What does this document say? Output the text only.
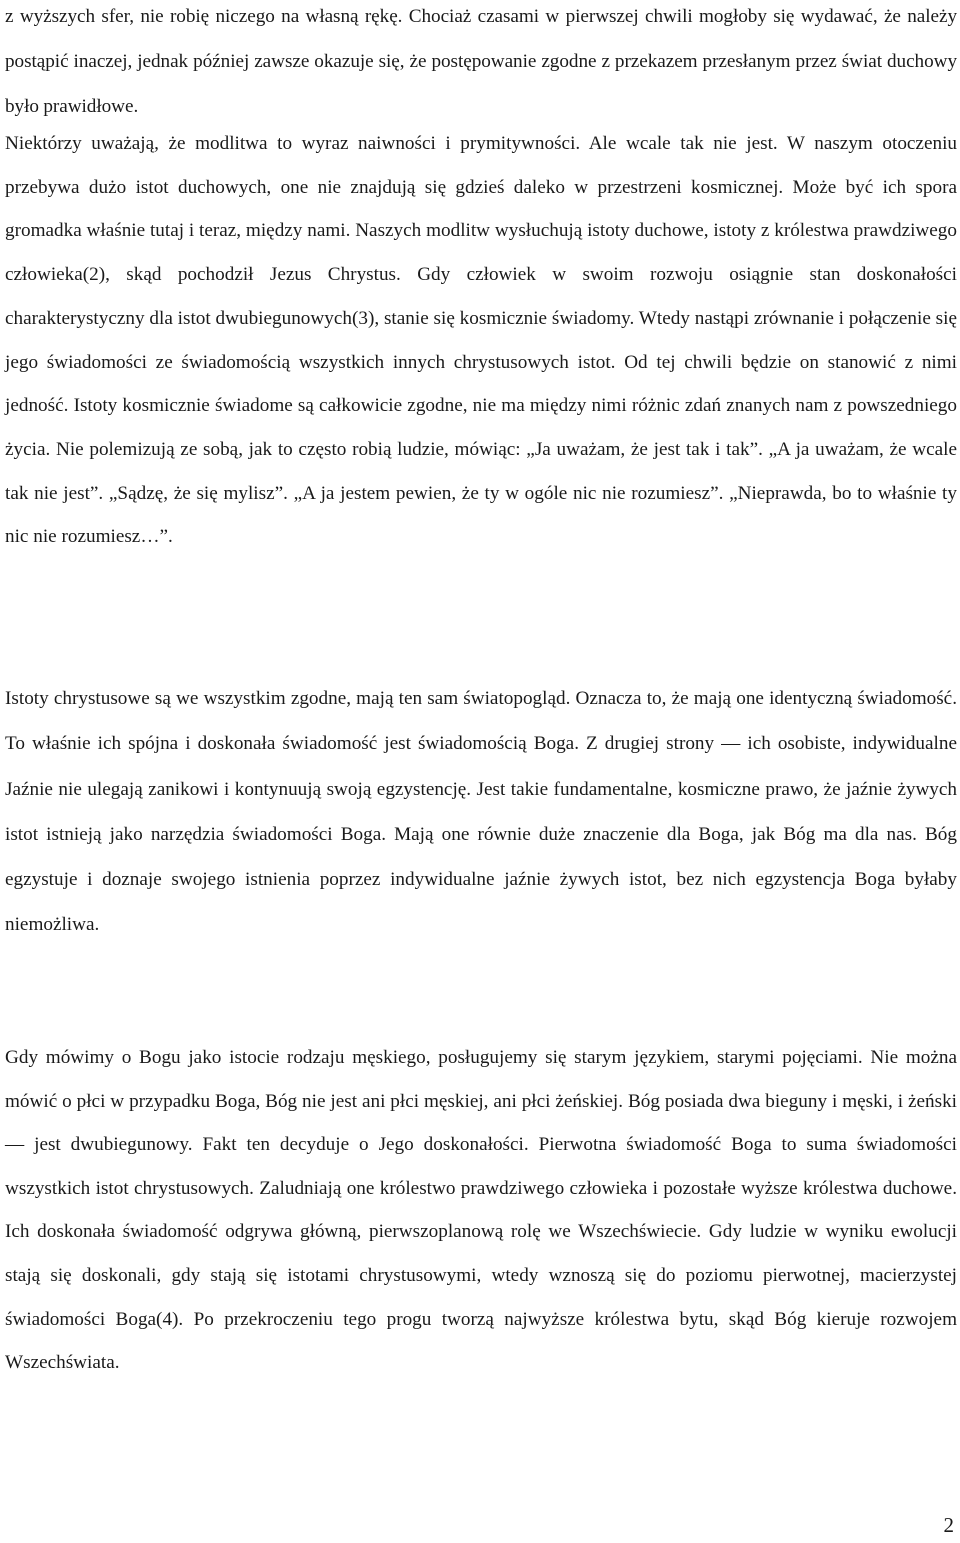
z wyższych sfer, nie robię niczego na własną rękę. Chociaż czasami w pierwszej chwili mogłoby się wydawać, że należy postąpić inaczej, jednak później zawsze okazuje się, że postępowanie zgodne z przekazem przesłanym przez świat duchowy było prawidłowe.

Niektórzy uważają, że modlitwa to wyraz naiwności i prymitywności. Ale wcale tak nie jest. W naszym otoczeniu przebywa dużo istot duchowych, one nie znajdują się gdzieś daleko w przestrzeni kosmicznej. Może być ich spora gromadka właśnie tutaj i teraz, między nami. Naszych modlitw wysłuchują istoty duchowe, istoty z królestwa prawdziwego człowieka(2), skąd pochodził Jezus Chrystus. Gdy człowiek w swoim rozwoju osiągnie stan doskonałości charakterystyczny dla istot dwubiegunowych(3), stanie się kosmicznie świadomy. Wtedy nastąpi zrównanie i połączenie się jego świadomości ze świadomością wszystkich innych chrystusowych istot. Od tej chwili będzie on stanowić z nimi jedność. Istoty kosmicznie świadome są całkowicie zgodne, nie ma między nimi różnic zdań znanych nam z powszedniego życia. Nie polemizują ze sobą, jak to często robią ludzie, mówiąc: „Ja uważam, że jest tak i tak”. „A ja uważam, że wcale tak nie jest”. „Sądzę, że się mylisz”. „A ja jestem pewien, że ty w ogóle nic nie rozumiesz”. „Nieprawda, bo to właśnie ty nic nie rozumiesz…”.

Istoty chrystusowe są we wszystkim zgodne, mają ten sam światopogląd. Oznacza to, że mają one identyczną świadomość. To właśnie ich spójna i doskonała świadomość jest świadomością Boga. Z drugiej strony — ich osobiste, indywidualne Jaźnie nie ulegają zanikowi i kontynuują swoją egzystencję. Jest takie fundamentalne, kosmiczne prawo, że jaźnie żywych istot istnieją jako narzędzia świadomości Boga. Mają one równie duże znaczenie dla Boga, jak Bóg ma dla nas. Bóg egzystuje i doznaje swojego istnienia poprzez indywidualne jaźnie żywych istot, bez nich egzystencja Boga byłaby niemożliwa.

Gdy mówimy o Bogu jako istocie rodzaju męskiego, posługujemy się starym językiem, starymi pojęciami. Nie można mówić o płci w przypadku Boga, Bóg nie jest ani płci męskiej, ani płci żeńskiej. Bóg posiada dwa bieguny i męski, i żeński — jest dwubiegunowy. Fakt ten decyduje o Jego doskonałości. Pierwotna świadomość Boga to suma świadomości wszystkich istot chrystusowych. Zaludniają one królestwo prawdziwego człowieka i pozostałe wyższe królestwa duchowe. Ich doskonała świadomość odgrywa główną, pierwszoplanową rolę we Wszechświecie. Gdy ludzie w wyniku ewolucji stają się doskonali, gdy stają się istotami chrystusowymi, wtedy wznoszą się do poziomu pierwotnej, macierzystej świadomości Boga(4). Po przekroczeniu tego progu tworzą najwyższe królestwa bytu, skąd Bóg kieruje rozwojem Wszechświata.

2
